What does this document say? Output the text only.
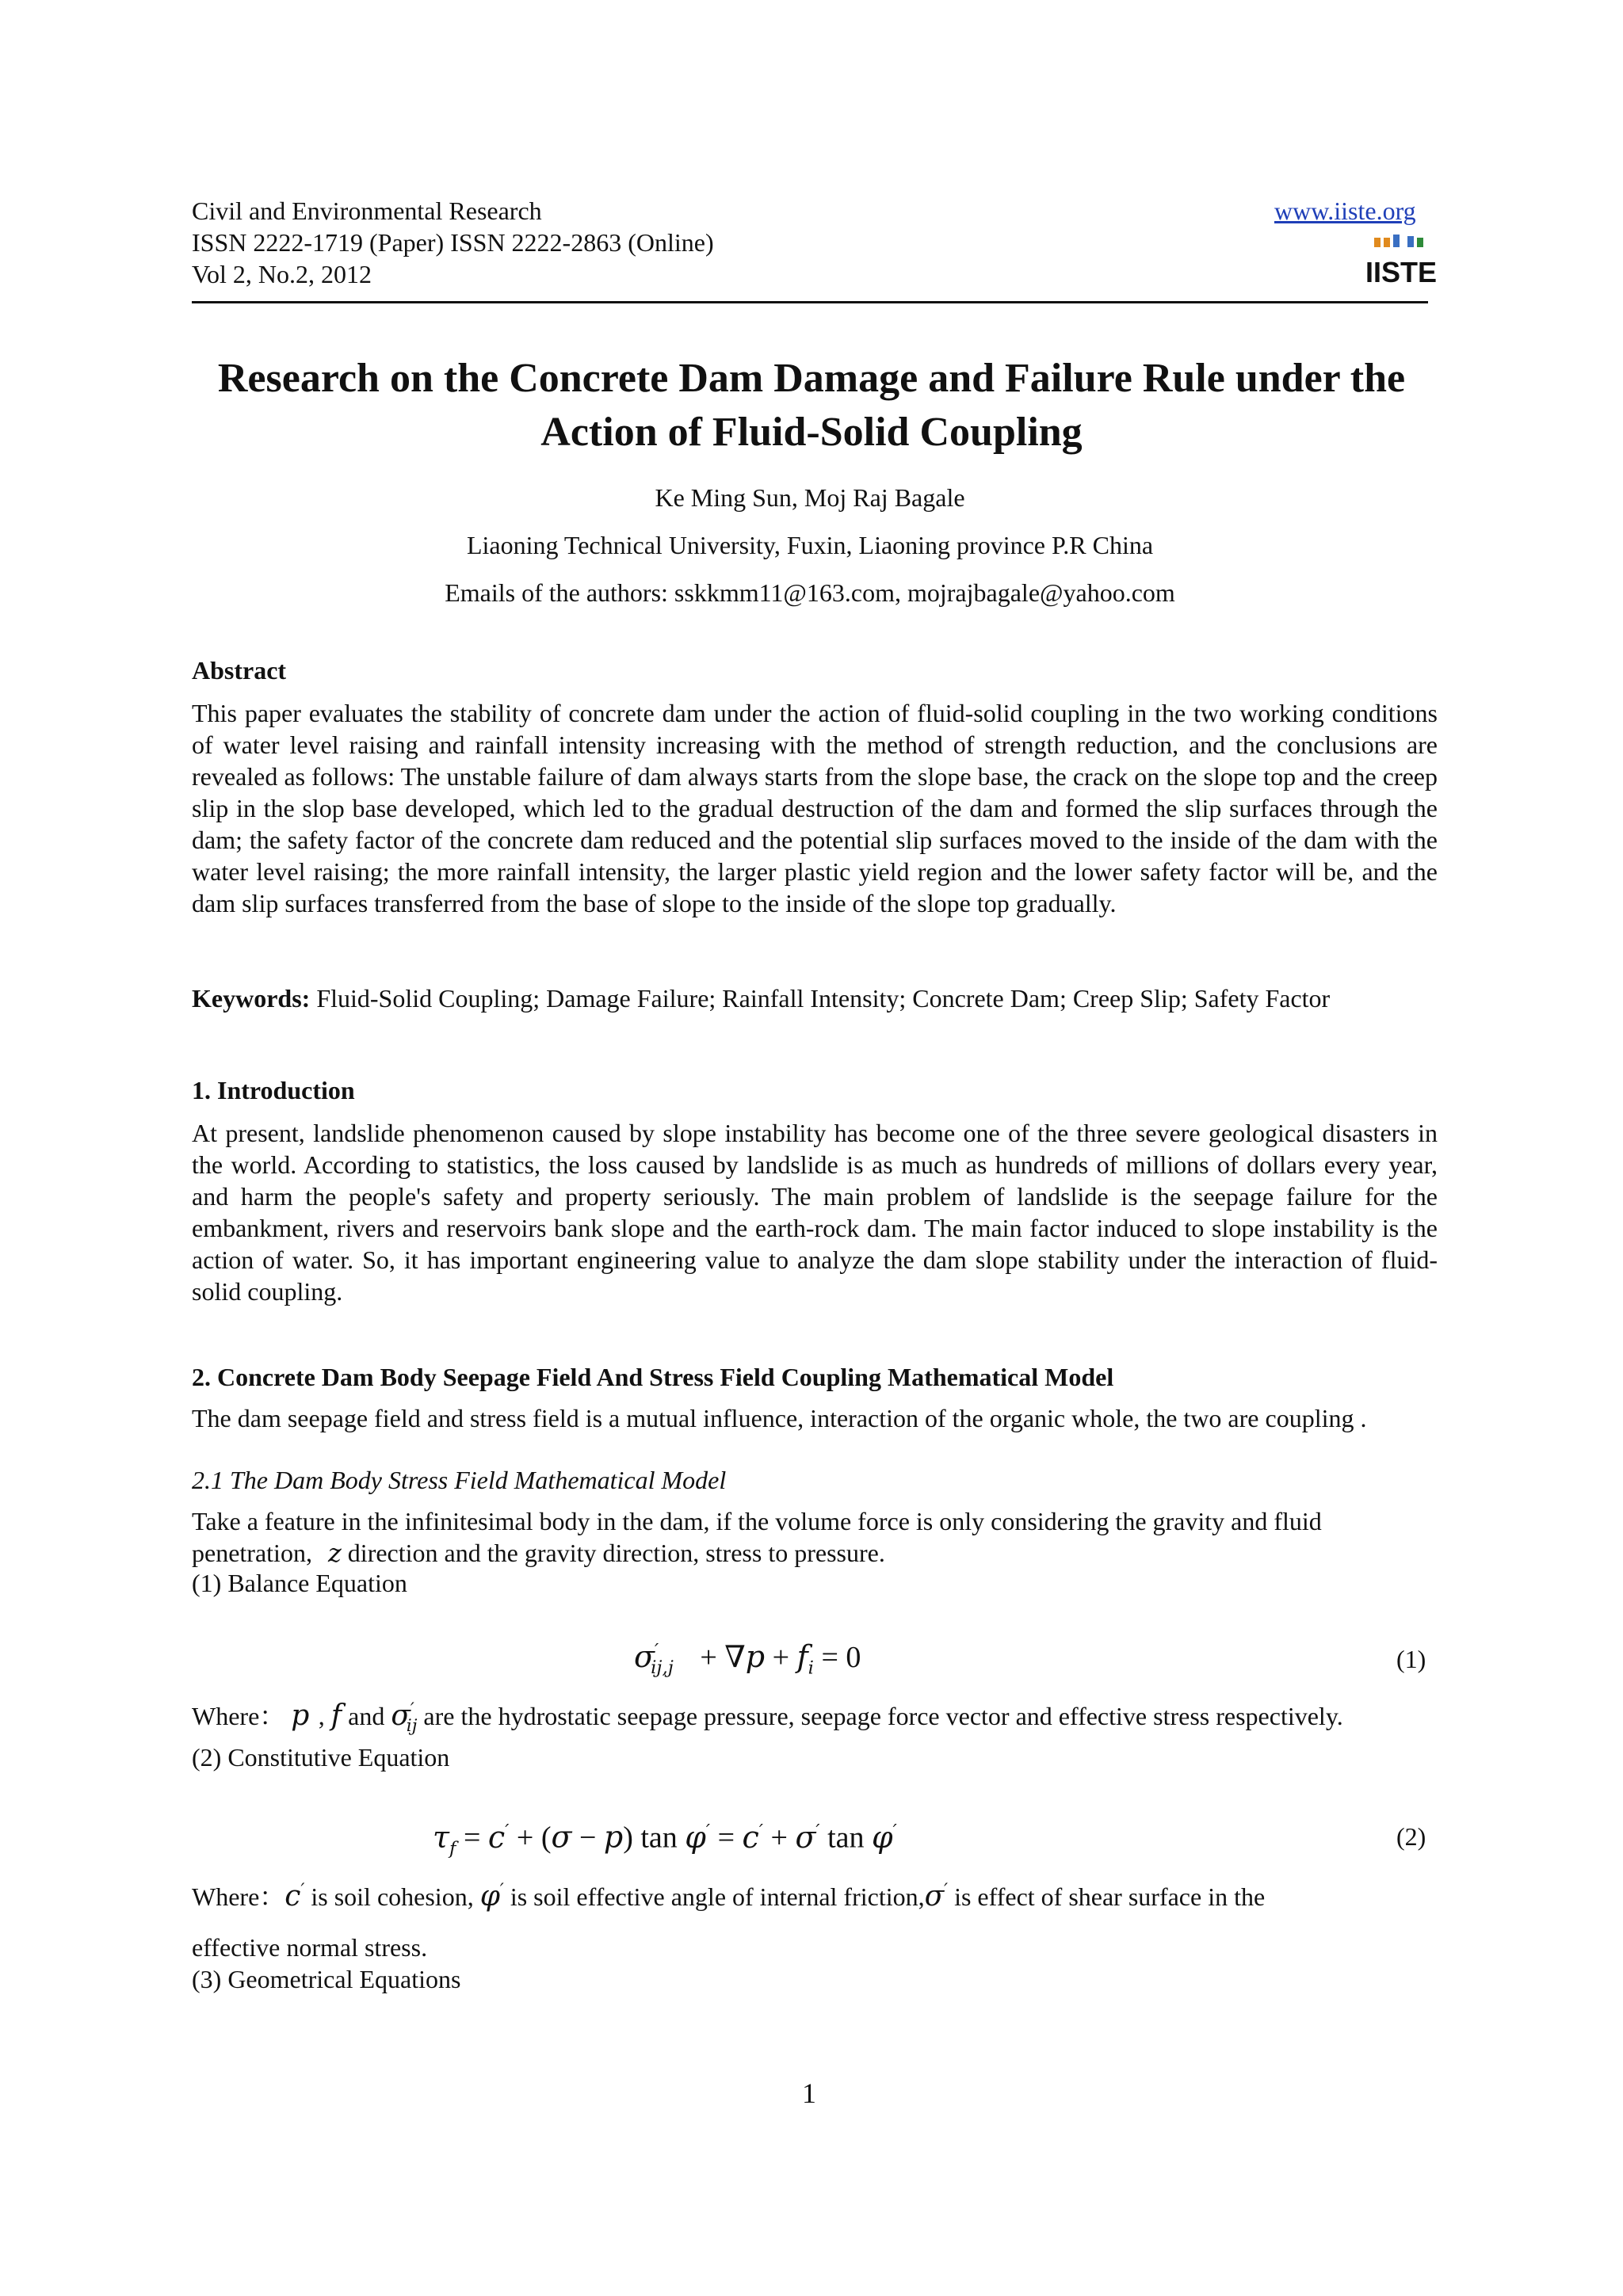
Civil and Environmental Research
ISSN 2222-1719 (Paper) ISSN 2222-2863 (Online)
Vol 2, No.2, 2012
www.iiste.org
IISTE
Research on the Concrete Dam Damage and Failure Rule under the
Action of Fluid-Solid Coupling
Ke Ming Sun, Moj Raj Bagale
Liaoning Technical University, Fuxin, Liaoning province P.R China
Emails of the authors: sskkmm11@163.com, mojrajbagale@yahoo.com
Abstract
This paper evaluates the stability of concrete dam under the action of fluid-solid coupling in the two working conditions of water level raising and rainfall intensity increasing with the method of strength reduction, and the conclusions are revealed as follows: The unstable failure of dam always starts from the slope base, the crack on the slope top and the creep slip in the slop base developed, which led to the gradual destruction of the dam and formed the slip surfaces through the dam; the safety factor of the concrete dam reduced and the potential slip surfaces moved to the inside of the dam with the water level raising; the more rainfall intensity, the larger plastic yield region and the lower safety factor will be, and the dam slip surfaces transferred from the base of slope to the inside of the slope top gradually.
Keywords: Fluid-Solid Coupling; Damage Failure; Rainfall Intensity; Concrete Dam; Creep Slip; Safety Factor
1. Introduction
At present, landslide phenomenon caused by slope instability has become one of the three severe geological disasters in the world. According to statistics, the loss caused by landslide is as much as hundreds of millions of dollars every year, and harm the people's safety and property seriously. The main problem of landslide is the seepage failure for the embankment, rivers and reservoirs bank slope and the earth-rock dam. The main factor induced to slope instability is the action of water. So, it has important engineering value to analyze the dam slope stability under the interaction of fluid-solid coupling.
2. Concrete Dam Body Seepage Field And Stress Field Coupling Mathematical Model
The dam seepage field and stress field is a mutual influence, interaction of the organic whole, the two are coupling .
2.1 The Dam Body Stress Field Mathematical Model
Take a feature in the infinitesimal body in the dam, if the volume force is only considering the gravity and fluid
penetration, z direction and the gravity direction, stress to pressure.
(1) Balance Equation
$\sigma'_{ij,j} + \nabla p + f_i = 0$	(1)
Where： p , f and $\sigma'_{ij}$ are the hydrostatic seepage pressure, seepage force vector and effective stress respectively.
(2) Constitutive Equation
$\tau_f = c' + (\sigma - p)$ tan φ′ = c′ + σ′ tan φ′	(2)
Where：c′ is soil cohesion, φ′ is soil effective angle of internal friction,σ′ is effect of shear surface in the
effective normal stress.
(3) Geometrical Equations
1
